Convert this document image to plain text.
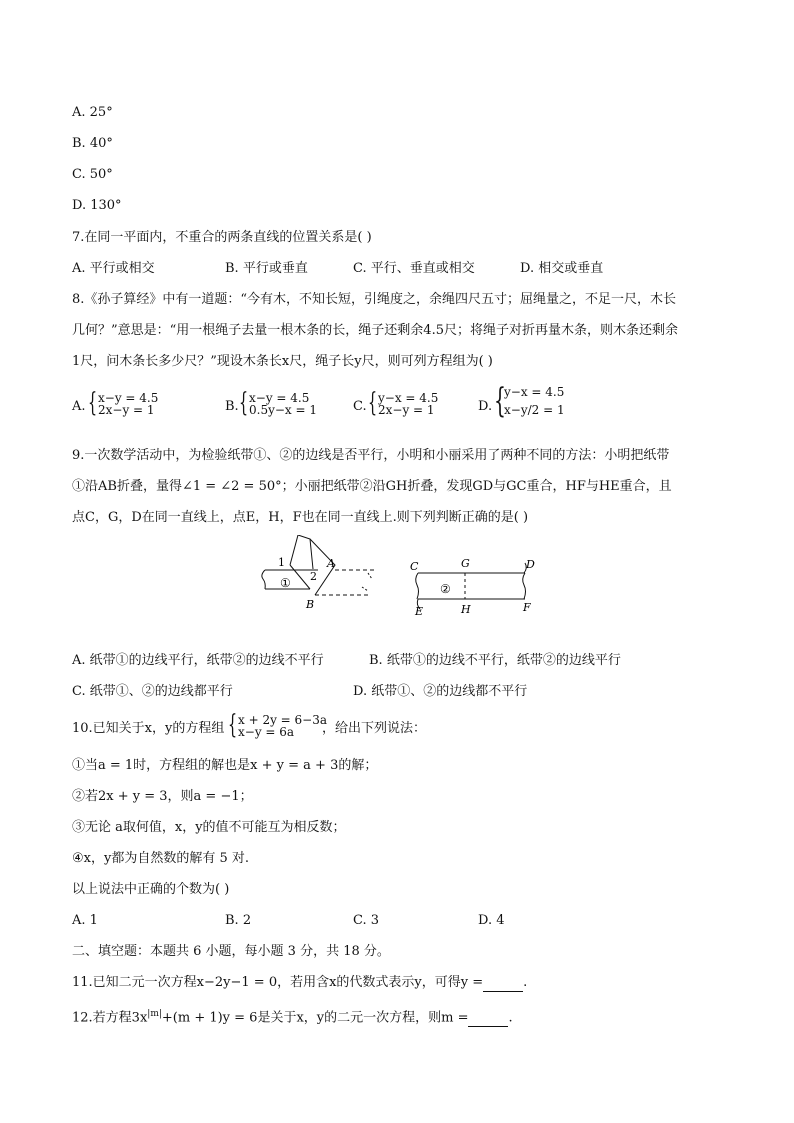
A. 25°
B. 40°
C. 50°
D. 130°
7.在同一平面内，不重合的两条直线的位置关系是( )
A. 平行或相交	B. 平行或垂直	C. 平行、垂直或相交	D. 相交或垂直
8.《孙子算经》中有一道题：“今有木，不知长短，引绳度之，余绳四尺五寸；屈绳量之，不足一尺，木长
几何？”意思是：“用一根绳子去量一根木条的长，绳子还剩余4.5尺；将绳子对折再量木条，则木条还剩余
1尺，问木条长多少尺？”现设木条长x尺，绳子长y尺，则可列方程组为( )
A. { x−y = 4.5
2x−y = 1	B. { x−y = 4.5
0.5y−x = 1	C. { y−x = 4.5
2x−y = 1	D. {
y−x = 4.5
x−y/2 = 1
9.一次数学活动中，为检验纸带①、②的边线是否平行，小明和小丽采用了两种不同的方法：小明把纸带
①沿AB折叠，量得∠1 = ∠2 = 50°；小丽把纸带②沿GH折叠，发现GD与GC重合，HF与HE重合，且
点C，G，D在同一直线上，点E，H，F也在同一直线上.则下列判断正确的是( )
1
2
A
B
①
C	G	D
②
E	H	F
A. 纸带①的边线平行，纸带②的边线不平行	B. 纸带①的边线不平行，纸带②的边线平行
C. 纸带①、②的边线都平行	D. 纸带①、②的边线都不平行
10.已知关于x，y的方程组 { x + 2y = 6−3a
x−y = 6a	，给出下列说法：
①当a = 1时，方程组的解也是x + y = a + 3的解；
②若2x + y = 3，则a = −1；
③无论 a取何值，x，y的值不可能互为相反数；
④x，y都为自然数的解有 5 对.
以上说法中正确的个数为( )
A. 1	B. 2	C. 3	D. 4
二、填空题：本题共 6 小题，每小题 3 分，共 18 分。
11.已知二元一次方程x−2y−1 = 0，若用含x的代数式表示y，可得y =	.
12.若方程$3x^{|m|}+(m + 1)y = 6$是关于x，y的二元一次方程，则m =	.
